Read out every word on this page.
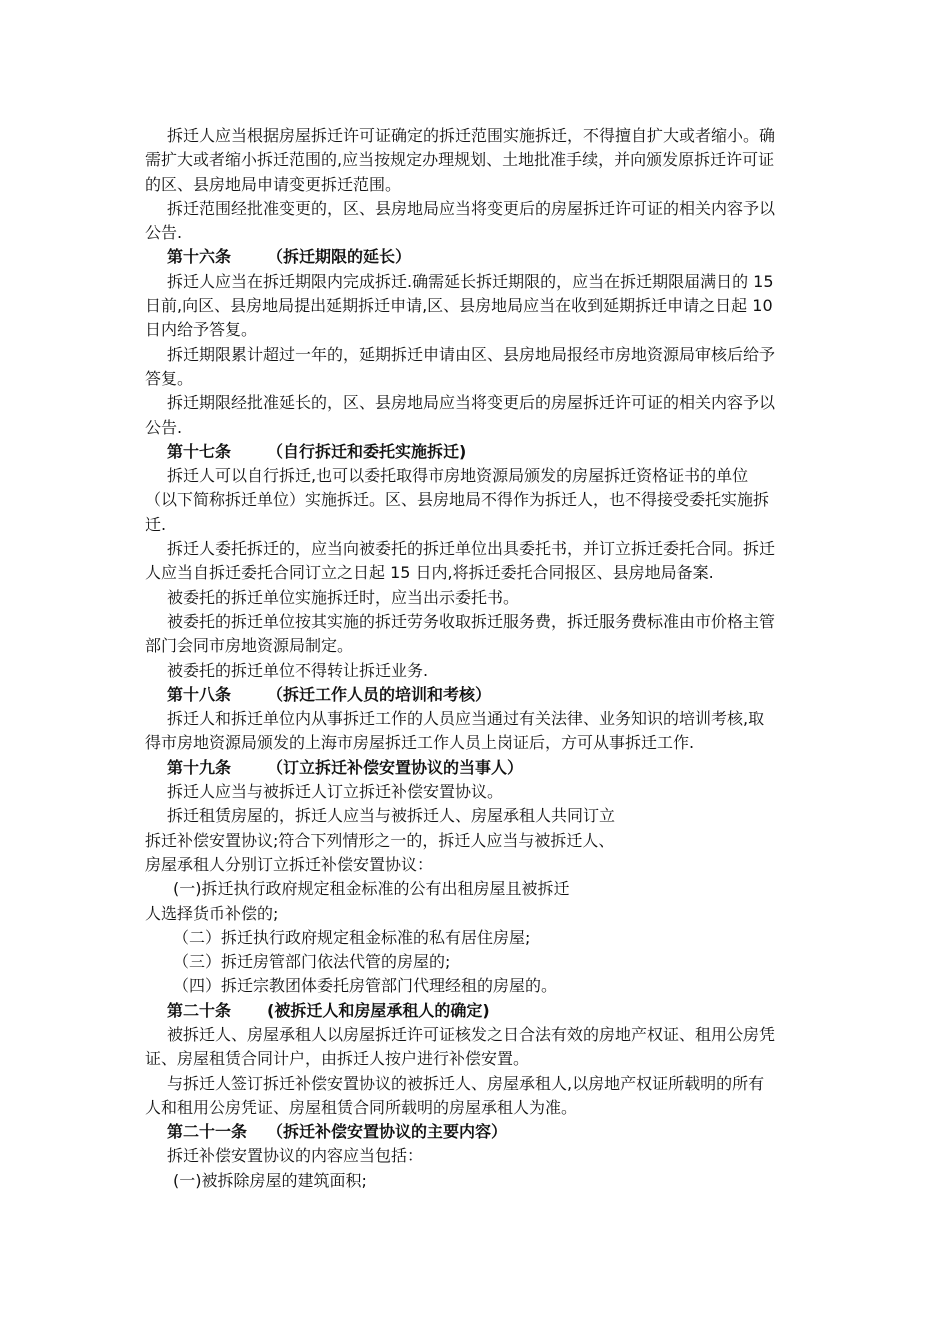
拆迁人应当根据房屋拆迁许可证确定的拆迁范围实施拆迁，不得擅自扩大或者缩小。确
需扩大或者缩小拆迁范围的,应当按规定办理规划、土地批准手续，并向颁发原拆迁许可证
的区、县房地局申请变更拆迁范围。
拆迁范围经批准变更的，区、县房地局应当将变更后的房屋拆迁许可证的相关内容予以
公告.
第十六条 （拆迁期限的延长）
拆迁人应当在拆迁期限内完成拆迁.确需延长拆迁期限的，应当在拆迁期限届满日的 15
日前,向区、县房地局提出延期拆迁申请,区、县房地局应当在收到延期拆迁申请之日起 10
日内给予答复。
拆迁期限累计超过一年的，延期拆迁申请由区、县房地局报经市房地资源局审核后给予
答复。
拆迁期限经批准延长的，区、县房地局应当将变更后的房屋拆迁许可证的相关内容予以
公告.
第十七条 （自行拆迁和委托实施拆迁)
拆迁人可以自行拆迁,也可以委托取得市房地资源局颁发的房屋拆迁资格证书的单位
（以下简称拆迁单位）实施拆迁。区、县房地局不得作为拆迁人，也不得接受委托实施拆
迁.
拆迁人委托拆迁的，应当向被委托的拆迁单位出具委托书，并订立拆迁委托合同。拆迁
人应当自拆迁委托合同订立之日起 15 日内,将拆迁委托合同报区、县房地局备案.
被委托的拆迁单位实施拆迁时，应当出示委托书。
被委托的拆迁单位按其实施的拆迁劳务收取拆迁服务费，拆迁服务费标准由市价格主管
部门会同市房地资源局制定。
被委托的拆迁单位不得转让拆迁业务.
第十八条 （拆迁工作人员的培训和考核）
拆迁人和拆迁单位内从事拆迁工作的人员应当通过有关法律、业务知识的培训考核,取
得市房地资源局颁发的上海市房屋拆迁工作人员上岗证后，方可从事拆迁工作.
第十九条 （订立拆迁补偿安置协议的当事人）
拆迁人应当与被拆迁人订立拆迁补偿安置协议。
拆迁租赁房屋的，拆迁人应当与被拆迁人、房屋承租人共同订立
拆迁补偿安置协议;符合下列情形之一的，拆迁人应当与被拆迁人、
房屋承租人分别订立拆迁补偿安置协议：
(一)拆迁执行政府规定租金标准的公有出租房屋且被拆迁
人选择货币补偿的;
（二）拆迁执行政府规定租金标准的私有居住房屋;
（三）拆迁房管部门依法代管的房屋的;
（四）拆迁宗教团体委托房管部门代理经租的房屋的。
第二十条 (被拆迁人和房屋承租人的确定)
被拆迁人、房屋承租人以房屋拆迁许可证核发之日合法有效的房地产权证、租用公房凭
证、房屋租赁合同计户，由拆迁人按户进行补偿安置。
与拆迁人签订拆迁补偿安置协议的被拆迁人、房屋承租人,以房地产权证所载明的所有
人和租用公房凭证、房屋租赁合同所载明的房屋承租人为准。
第二十一条 （拆迁补偿安置协议的主要内容）
拆迁补偿安置协议的内容应当包括：
(一)被拆除房屋的建筑面积;
